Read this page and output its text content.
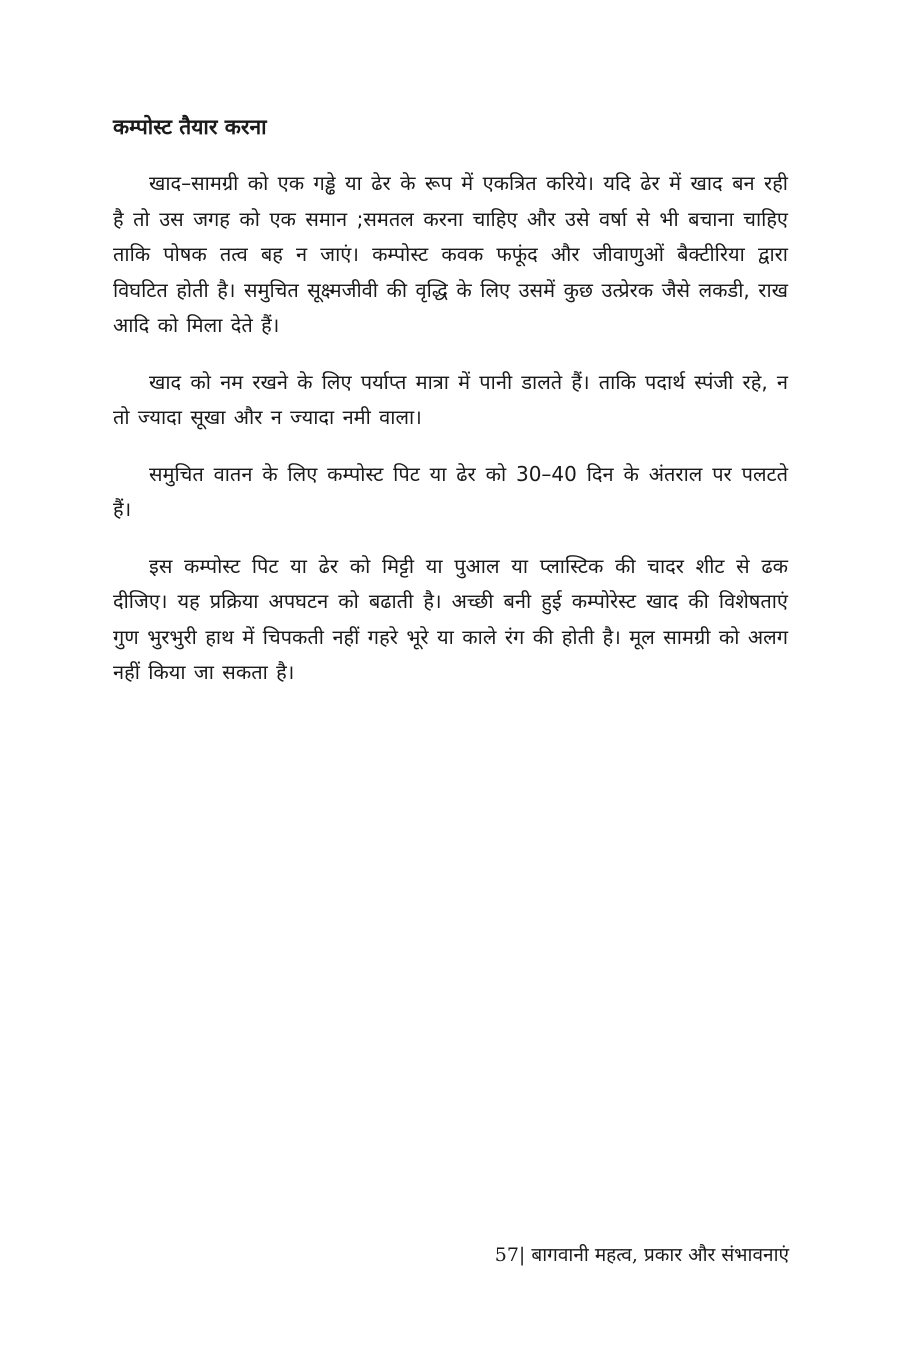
कम्पोस्ट तैयार करना

खाद–सामग्री को एक गड्ढे या ढेर के रूप में एकत्रित करिये। यदि ढेर में खाद बन रही है तो उस जगह को एक समान ;समतल करना चाहिए और उसे वर्षा से भी बचाना चाहिए ताकि पोषक तत्व बह न जाएं। कम्पोस्ट कवक फफूंद और जीवाणुओं बैक्टीरिया द्वारा विघटित होती है। समुचित सूक्ष्मजीवी की वृद्धि के लिए उसमें कुछ उत्प्रेरक जैसे लकडी, राख आदि को मिला देते हैं।

खाद को नम रखने के लिए पर्याप्त मात्रा में पानी डालते हैं। ताकि पदार्थ स्पंजी रहे, न तो ज्यादा सूखा और न ज्यादा नमी वाला।

समुचित वातन के लिए कम्पोस्ट पिट या ढेर को 30–40 दिन के अंतराल पर पलटते हैं।

इस कम्पोस्ट पिट या ढेर को मिट्टी या पुआल या प्लास्टिक की चादर शीट से ढक दीजिए। यह प्रक्रिया अपघटन को बढाती है। अच्छी बनी हुई कम्पोरेस्ट खाद की विशेषताएं गुण भुरभुरी हाथ में चिपकती नहीं गहरे भूरे या काले रंग की होती है। मूल सामग्री को अलग नहीं किया जा सकता है।

57| बागवानी महत्व, प्रकार और संभावनाएं
